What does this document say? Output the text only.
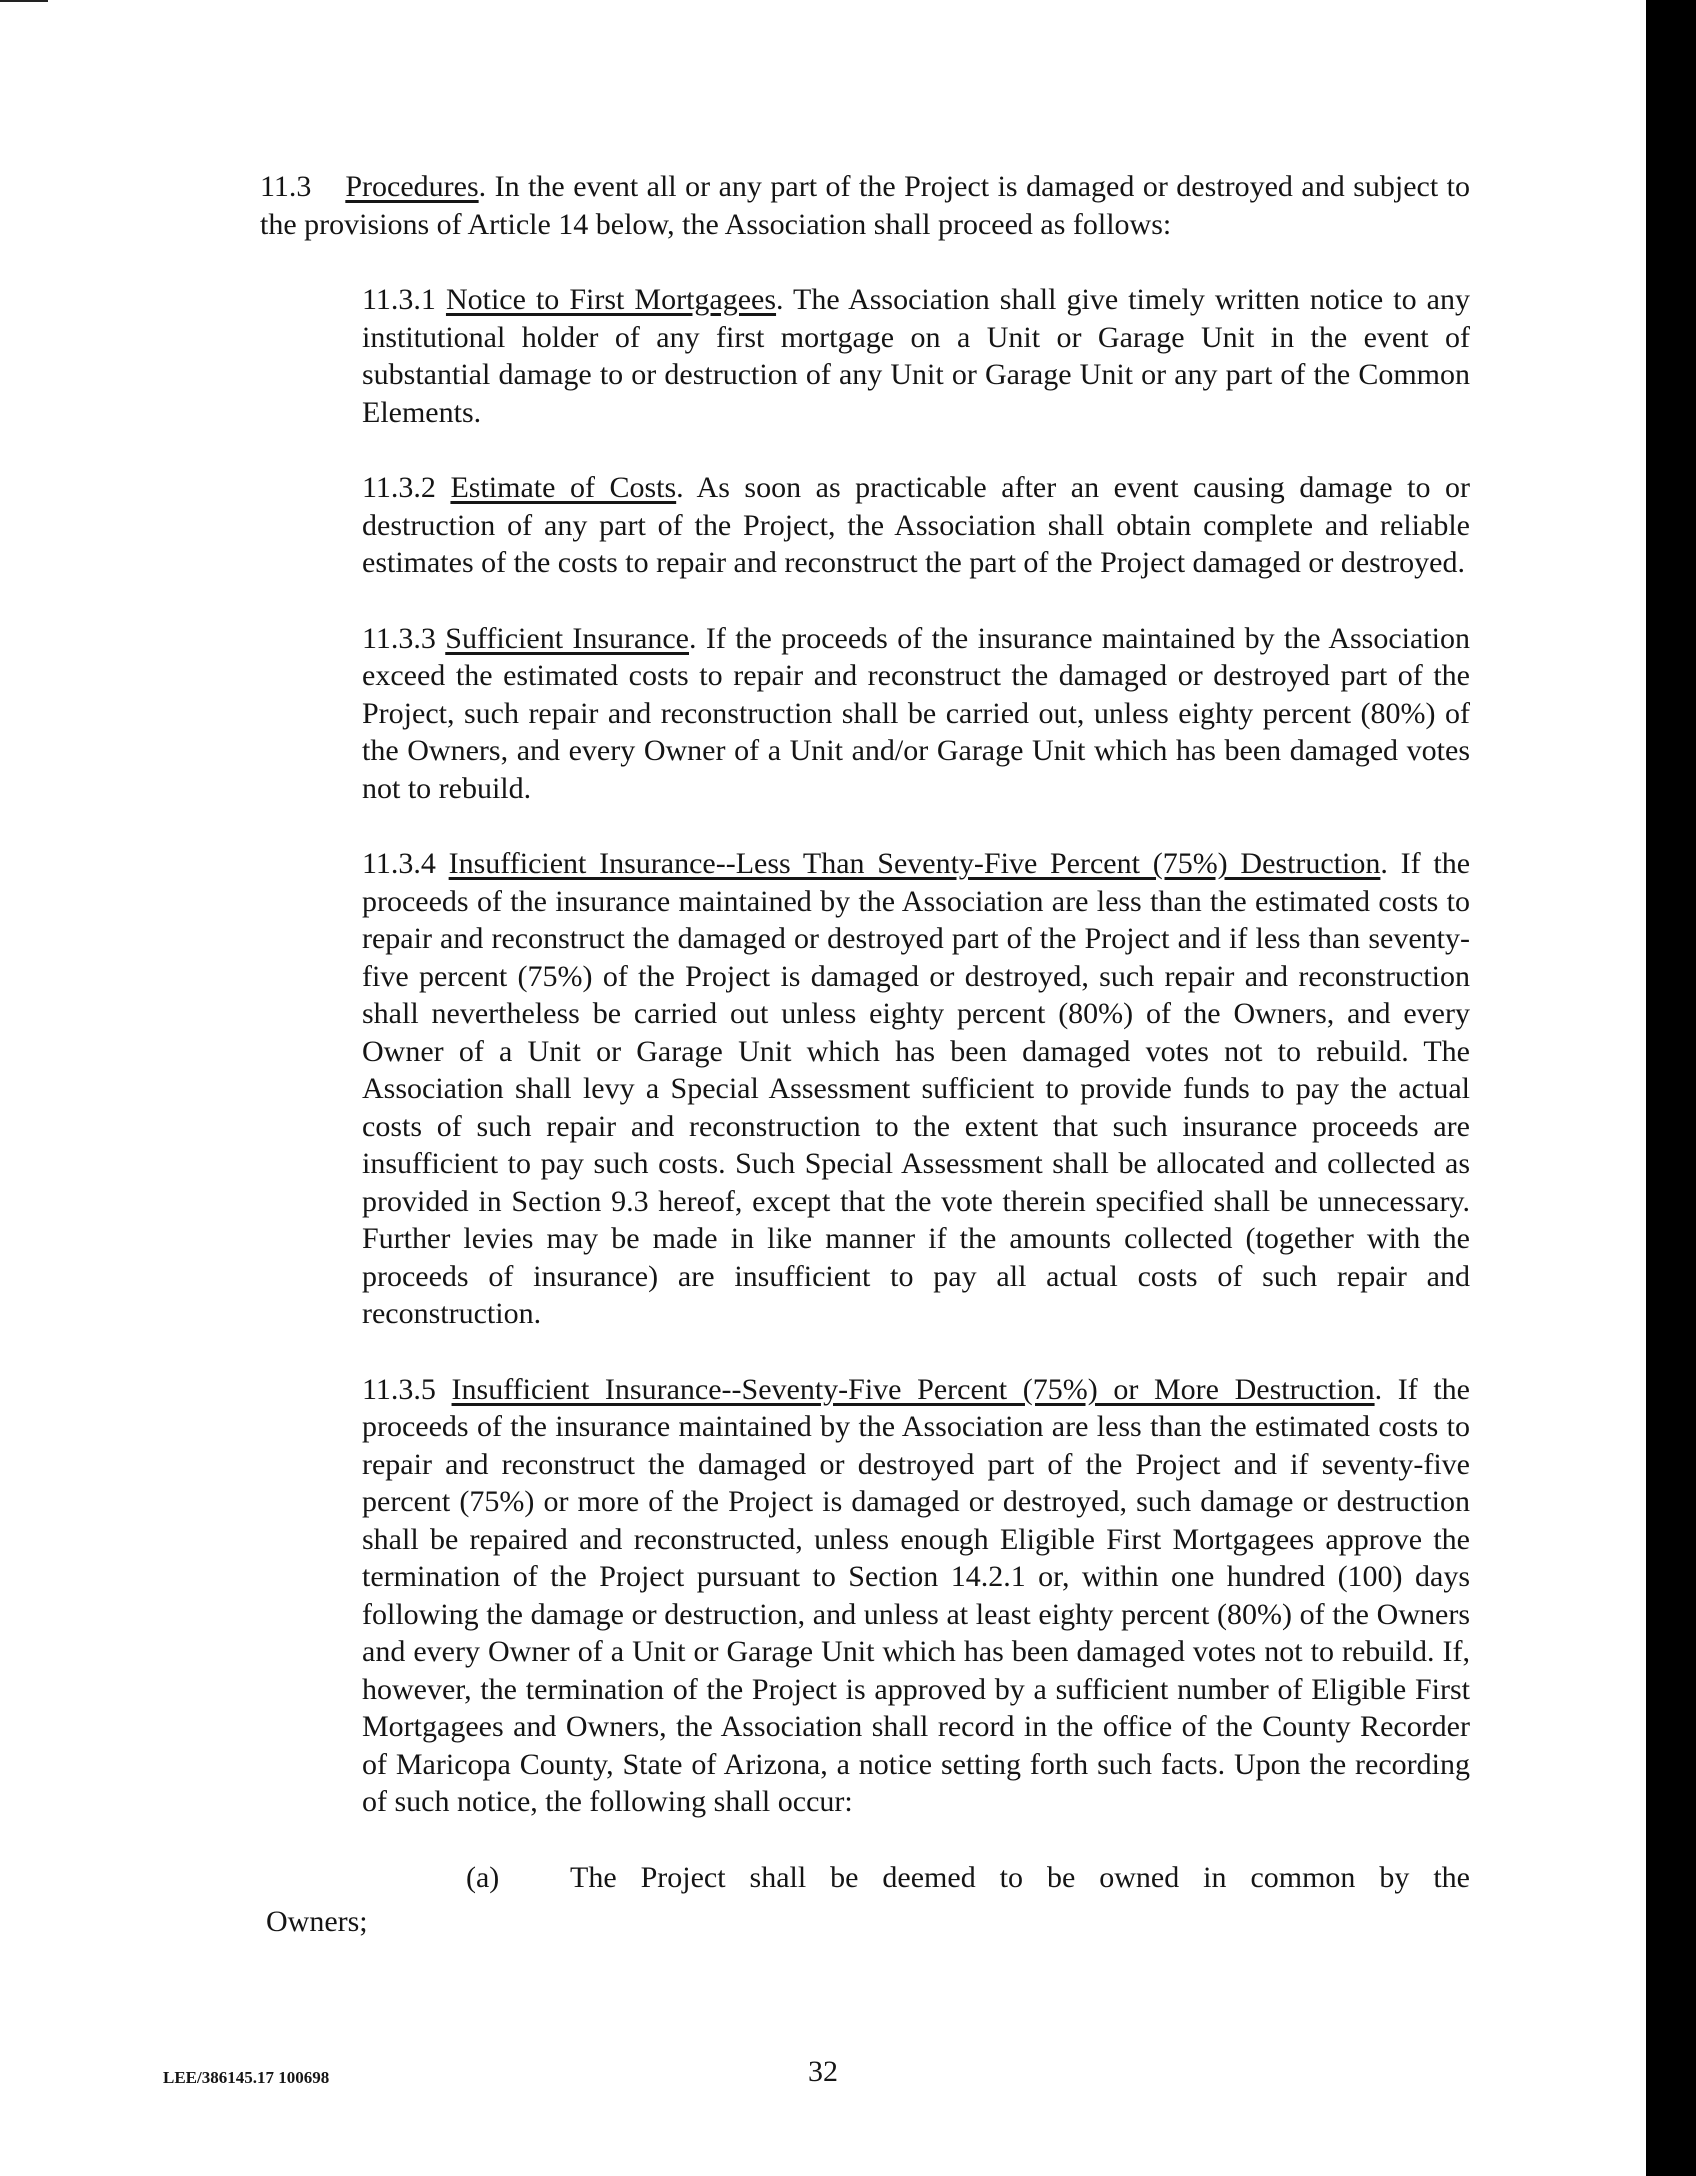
11.3 Procedures. In the event all or any part of the Project is damaged or destroyed and subject to the provisions of Article 14 below, the Association shall proceed as follows:

11.3.1 Notice to First Mortgagees. The Association shall give timely written notice to any institutional holder of any first mortgage on a Unit or Garage Unit in the event of substantial damage to or destruction of any Unit or Garage Unit or any part of the Common Elements.

11.3.2 Estimate of Costs. As soon as practicable after an event causing damage to or destruction of any part of the Project, the Association shall obtain complete and reliable estimates of the costs to repair and reconstruct the part of the Project damaged or destroyed.

11.3.3 Sufficient Insurance. If the proceeds of the insurance maintained by the Association exceed the estimated costs to repair and reconstruct the damaged or destroyed part of the Project, such repair and reconstruction shall be carried out, unless eighty percent (80%) of the Owners, and every Owner of a Unit and/or Garage Unit which has been damaged votes not to rebuild.

11.3.4 Insufficient Insurance--Less Than Seventy-Five Percent (75%) Destruction. If the proceeds of the insurance maintained by the Association are less than the estimated costs to repair and reconstruct the damaged or destroyed part of the Project and if less than seventy-five percent (75%) of the Project is damaged or destroyed, such repair and reconstruction shall nevertheless be carried out unless eighty percent (80%) of the Owners, and every Owner of a Unit or Garage Unit which has been damaged votes not to rebuild. The Association shall levy a Special Assessment sufficient to provide funds to pay the actual costs of such repair and reconstruction to the extent that such insurance proceeds are insufficient to pay such costs. Such Special Assessment shall be allocated and collected as provided in Section 9.3 hereof, except that the vote therein specified shall be unnecessary. Further levies may be made in like manner if the amounts collected (together with the proceeds of insurance) are insufficient to pay all actual costs of such repair and reconstruction.

11.3.5 Insufficient Insurance--Seventy-Five Percent (75%) or More Destruction. If the proceeds of the insurance maintained by the Association are less than the estimated costs to repair and reconstruct the damaged or destroyed part of the Project and if seventy-five percent (75%) or more of the Project is damaged or destroyed, such damage or destruction shall be repaired and reconstructed, unless enough Eligible First Mortgagees approve the termination of the Project pursuant to Section 14.2.1 or, within one hundred (100) days following the damage or destruction, and unless at least eighty percent (80%) of the Owners and every Owner of a Unit or Garage Unit which has been damaged votes not to rebuild. If, however, the termination of the Project is approved by a sufficient number of Eligible First Mortgagees and Owners, the Association shall record in the office of the County Recorder of Maricopa County, State of Arizona, a notice setting forth such facts. Upon the recording of such notice, the following shall occur:

(a) The Project shall be deemed to be owned in common by the

Owners;

LEE/386145.17 100698	32
